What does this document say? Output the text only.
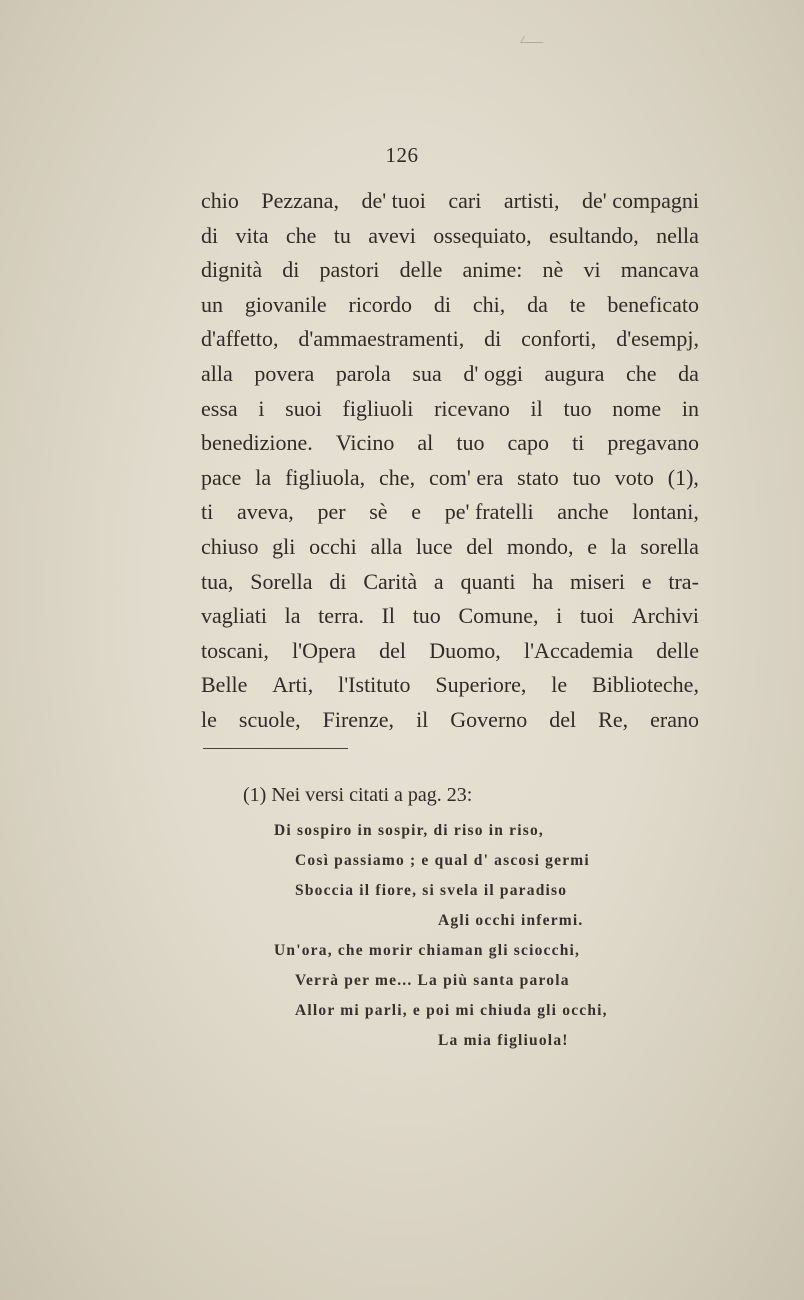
126
chio Pezzana, de' tuoi cari artisti, de' compagni
di vita che tu avevi ossequiato, esultando, nella
dignità di pastori delle anime: nè vi mancava
un giovanile ricordo di chi, da te beneficato
d'affetto, d'ammaestramenti, di conforti, d'esempj,
alla povera parola sua d' oggi augura che da
essa i suoi figliuoli ricevano il tuo nome in
benedizione. Vicino al tuo capo ti pregavano
pace la figliuola, che, com' era stato tuo voto (1),
ti aveva, per sè e pe' fratelli anche lontani,
chiuso gli occhi alla luce del mondo, e la sorella
tua, Sorella di Carità a quanti ha miseri e tra-
vagliati la terra. Il tuo Comune, i tuoi Archivi
toscani, l'Opera del Duomo, l'Accademia delle
Belle Arti, l'Istituto Superiore, le Biblioteche,
le scuole, Firenze, il Governo del Re, erano
(1) Nei versi citati a pag. 23:
Di sospiro in sospir, di riso in riso,
Così passiamo ; e qual d' ascosi germi
Sboccia il fiore, si svela il paradiso
Agli occhi infermi.
Un'ora, che morir chiaman gli sciocchi,
Verrà per me... La più santa parola
Allor mi parli, e poi mi chiuda gli occhi,
La mia figliuola!
